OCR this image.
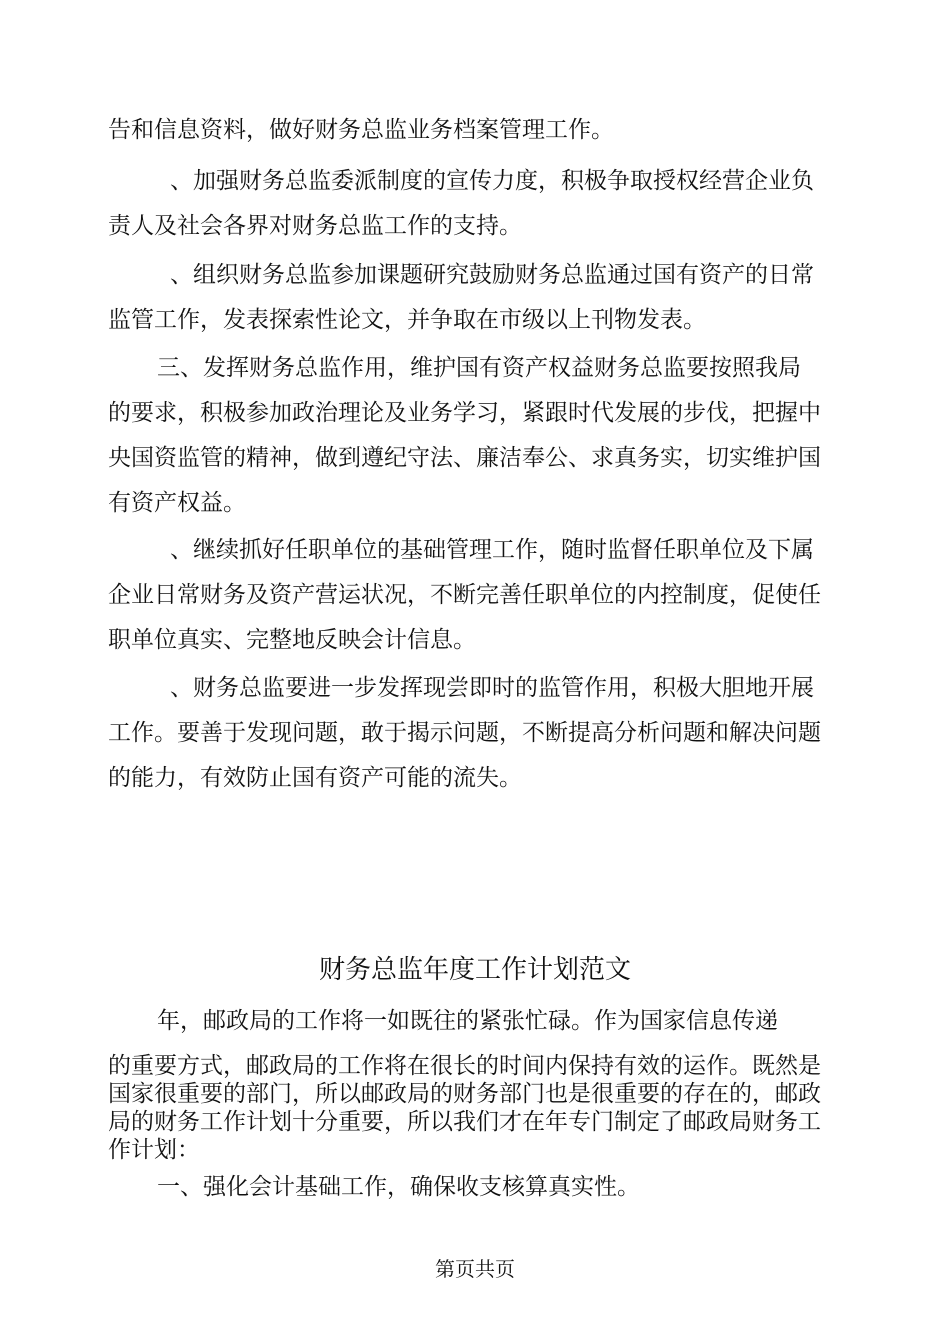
告和信息资料，做好财务总监业务档案管理工作。
、加强财务总监委派制度的宣传力度，积极争取授权经营企业负
责人及社会各界对财务总监工作的支持。
、组织财务总监参加课题研究鼓励财务总监通过国有资产的日常
监管工作，发表探索性论文，并争取在市级以上刊物发表。
三、发挥财务总监作用，维护国有资产权益财务总监要按照我局
的要求，积极参加政治理论及业务学习，紧跟时代发展的步伐，把握中
央国资监管的精神，做到遵纪守法、廉洁奉公、求真务实，切实维护国
有资产权益。
、继续抓好任职单位的基础管理工作，随时监督任职单位及下属
企业日常财务及资产营运状况，不断完善任职单位的内控制度，促使任
职单位真实、完整地反映会计信息。
、财务总监要进一步发挥现尝即时的监管作用，积极大胆地开展
工作。要善于发现问题，敢于揭示问题，不断提高分析问题和解决问题
的能力，有效防止国有资产可能的流失。
财务总监年度工作计划范文
年，邮政局的工作将一如既往的紧张忙碌。作为国家信息传递
的重要方式，邮政局的工作将在很长的时间内保持有效的运作。既然是
国家很重要的部门，所以邮政局的财务部门也是很重要的存在的，邮政
局的财务工作计划十分重要，所以我们才在年专门制定了邮政局财务工
作计划：
一、强化会计基础工作，确保收支核算真实性。
第页共页
